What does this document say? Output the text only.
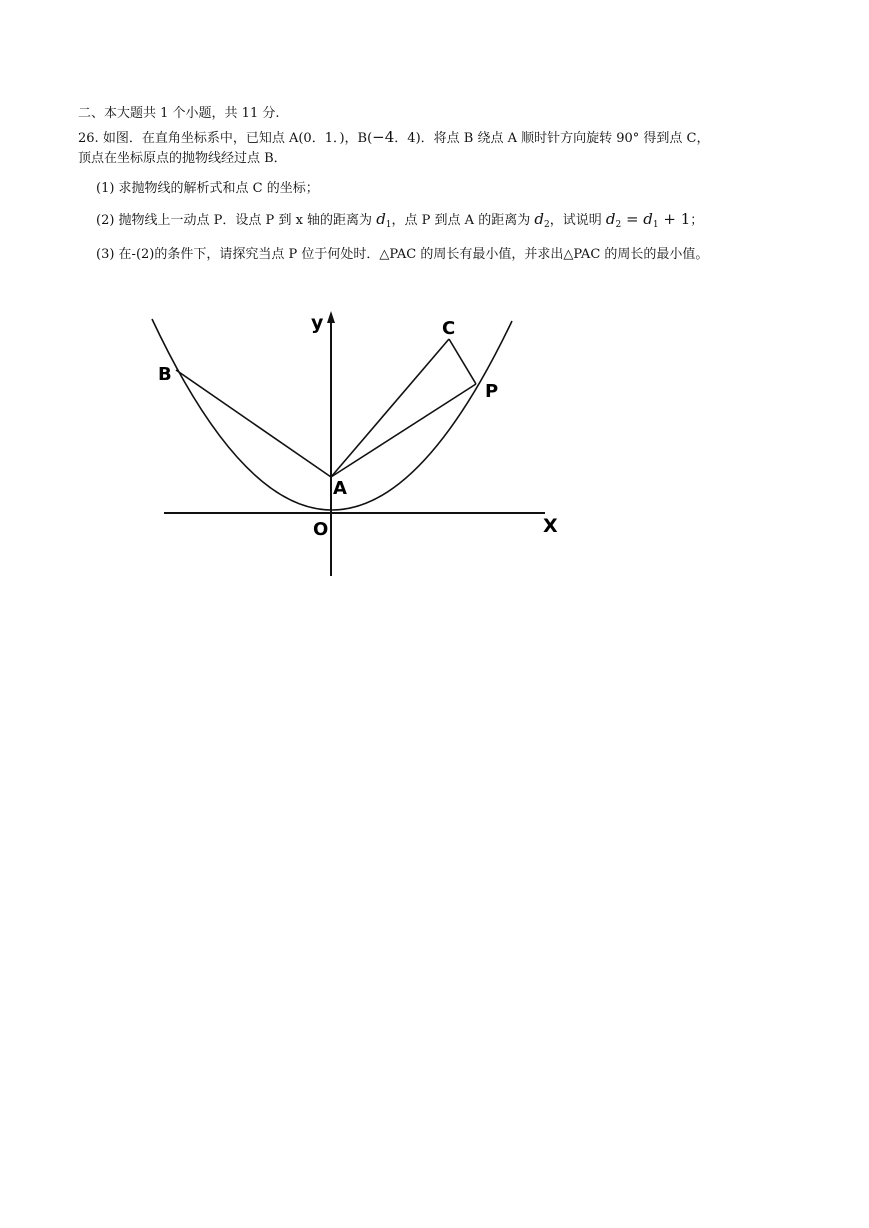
二、本大题共 1 个小题，共 11 分.
26. 如图．在直角坐标系中，已知点 A(0．1．)，B(−4．4)．将点 B 绕点 A 顺时针方向旋转 90° 得到点 C，
顶点在坐标原点的抛物线经过点 B．
(1) 求抛物线的解析式和点 C 的坐标；
(2) 抛物线上一动点 P．设点 P 到 x 轴的距离为 $d_1$，点 P 到点 A 的距离为 $d_2$，试说明 $d_2 = d_1 + 1$；
(3) 在-(2)的条件下，请探究当点 P 位于何处时．△PAC 的周长有最小值，并求出△PAC 的周长的最小值。
y
X
O
A
B
C
P
